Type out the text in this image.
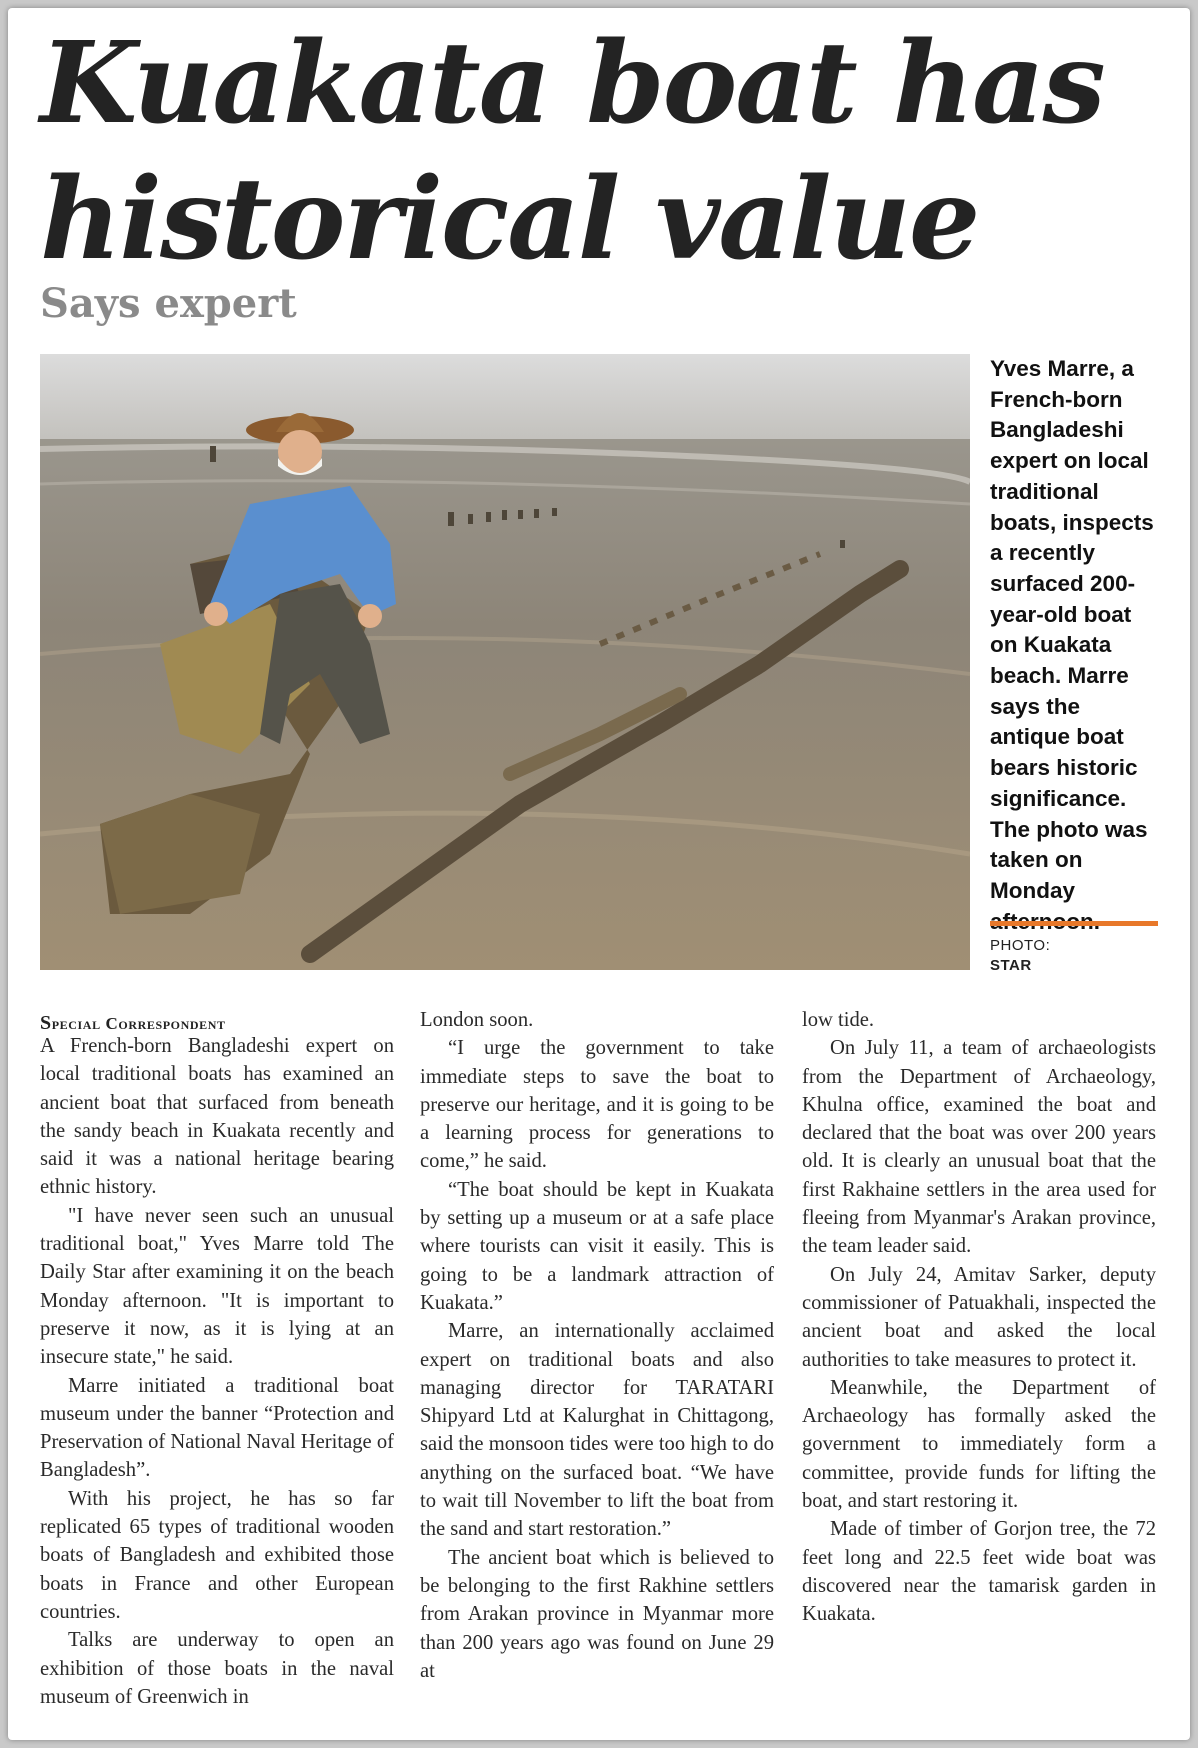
Kuakata boat has historical value
Says expert
Yves Marre, a French-born Bangladeshi expert on local traditional boats, inspects a recently surfaced 200-year-old boat on Kuakata beach. Marre says the antique boat bears historic significance. The photo was taken on Monday
PHOTO:
STAR
Special Correspondent

A French-born Bangladeshi expert on local traditional boats has examined an ancient boat that surfaced from beneath the sandy beach in Kuakata recently and said it was a national heritage bearing ethnic history.

"I have never seen such an unusual traditional boat," Yves Marre told The Daily Star after examining it on the beach Monday afternoon. "It is important to preserve it now, as it is lying at an insecure state," he said.

Marre initiated a traditional boat museum under the banner “Protection and Preservation of National Naval Heritage of Bangladesh”.

With his project, he has so far replicated 65 types of traditional wooden boats of Bangladesh and exhibited those boats in France and other European countries.

Talks are underway to open an exhibition of those boats in the naval museum of Greenwich in

London soon.

“I urge the government to take immediate steps to save the boat to preserve our heritage, and it is going to be a learning process for generations to come,” he said.

“The boat should be kept in Kuakata by setting up a museum or at a safe place where tourists can visit it easily. This is going to be a landmark attraction of Kuakata.”

Marre, an internationally acclaimed expert on traditional boats and also managing director for TARATARI Shipyard Ltd at Kalurghat in Chittagong, said the monsoon tides were too high to do anything on the surfaced boat. “We have to wait till November to lift the boat from the sand and start restoration.”

The ancient boat which is believed to be belonging to the first Rakhine settlers from Arakan province in Myanmar more than 200 years ago was found on June 29 at

low tide.

On July 11, a team of archaeologists from the Department of Archaeology, Khulna office, examined the boat and declared that the boat was over 200 years old. It is clearly an unusual boat that the first Rakhaine settlers in the area used for fleeing from Myanmar's Arakan province, the team leader said.

On July 24, Amitav Sarker, deputy commissioner of Patuakhali, inspected the ancient boat and asked the local authorities to take measures to protect it.

Meanwhile, the Department of Archaeology has formally asked the government to immediately form a committee, provide funds for lifting the boat, and start restoring it.

Made of timber of Gorjon tree, the 72 feet long and 22.5 feet wide boat was discovered near the tamarisk garden in Kuakata.
